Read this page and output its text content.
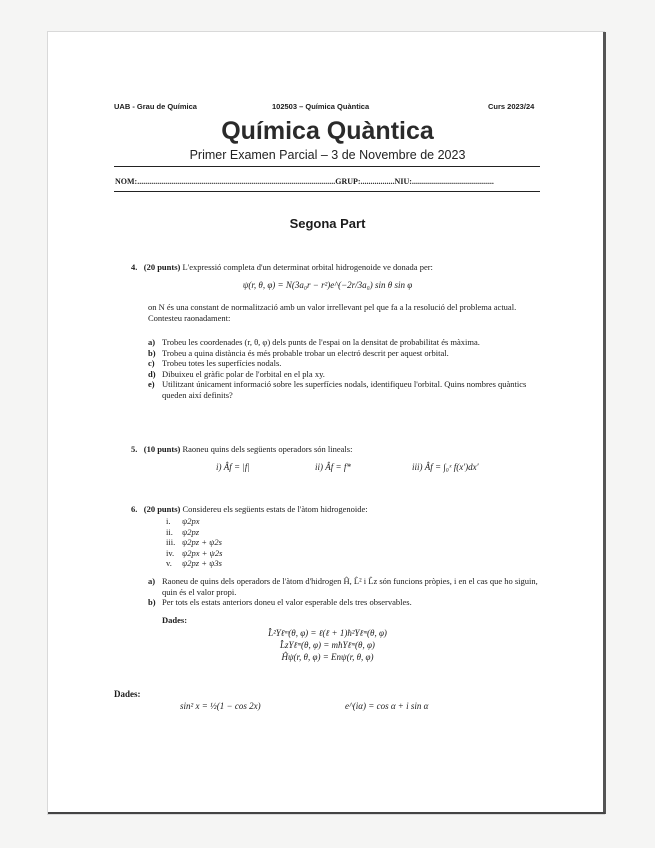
UAB - Grau de Química	102503 – Química Quàntica	Curs 2023/24
Química Quàntica
Primer Examen Parcial – 3 de Novembre de 2023
NOM:...................................................................................................GRUP:.................NIU:.........................................
Segona Part
4. (20 punts) L'expressió completa d'un determinat orbital hidrogenoide ve donada per:
ψ(r, θ, φ) = N(3a₀r − r²)e^(−2r/3a₀) sin θ sin φ
on N és una constant de normalització amb un valor irrellevant pel que fa a la resolució del problema actual. Contesteu raonadament:
a) Trobeu les coordenades (r, θ, φ) dels punts de l'espai on la densitat de probabilitat és màxima.
b) Trobeu a quina distància és més probable trobar un electró descrit per aquest orbital.
c) Trobeu totes les superfícies nodals.
d) Dibuixeu el gràfic polar de l'orbital en el pla xy.
e) Utilitzant únicament informació sobre les superfícies nodals, identifiqueu l'orbital. Quins nombres quàntics queden així definits?
5. (10 punts) Raoneu quins dels següents operadors són lineals:
i) Âf = |f|	ii) Âf = f*	iii) Âf = ∫₀ˣ f(x′)dx′
6. (20 punts) Considereu els següents estats de l'àtom hidrogenoide:
i. ψ2px
ii. ψ2pz
iii. ψ2pz + ψ2s
iv. ψ2px + ψ2s
v. ψ2pz + ψ3s
a) Raoneu de quins dels operadors de l'àtom d'hidrogen Ĥ, L̂² i L̂z són funcions pròpies, i en el cas que ho siguin, quin és el valor propi.
b) Per tots els estats anteriors doneu el valor esperable dels tres observables.
Dades:
L̂²Yℓᵐ(θ, φ) = ℓ(ℓ + 1)ħ²Yℓᵐ(θ, φ)
L̂zYℓᵐ(θ, φ) = mħYℓᵐ(θ, φ)
Ĥψ(r, θ, φ) = Enψ(r, θ, φ)
Dades:
sin² x = ½(1 − cos 2x)	e^(iα) = cos α + i sin α
